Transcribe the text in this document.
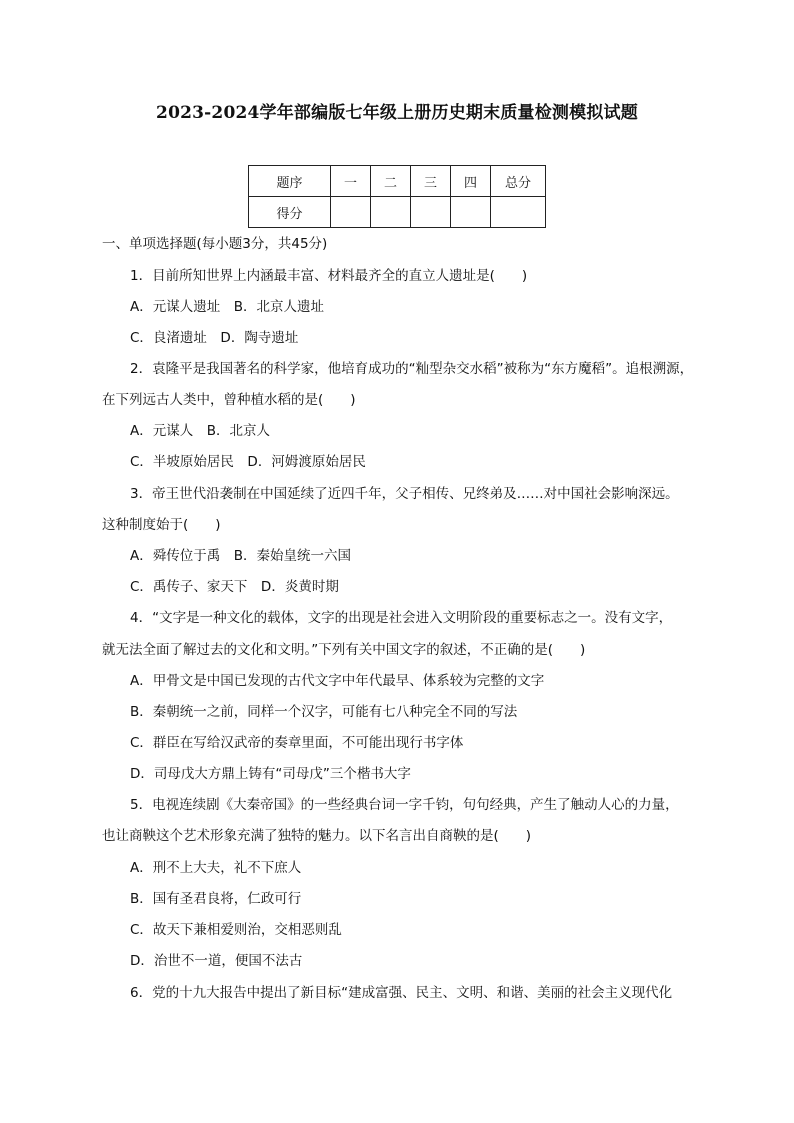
2023-2024学年部编版七年级上册历史期末质量检测模拟试题
题序	一	二	三	四	总分
得分					
一、单项选择题(每小题3分，共45分)
1．目前所知世界上内涵最丰富、材料最齐全的直立人遗址是(　　)
A．元谋人遗址　B．北京人遗址
C．良渚遗址　D．陶寺遗址
2．袁隆平是我国著名的科学家，他培育成功的“籼型杂交水稻”被称为“东方魔稻”。追根溯源，
在下列远古人类中，曾种植水稻的是(　　)
A．元谋人　B．北京人
C．半坡原始居民　D．河姆渡原始居民
3．帝王世代沿袭制在中国延续了近四千年，父子相传、兄终弟及……对中国社会影响深远。
这种制度始于(　　)
A．舜传位于禹　B．秦始皇统一六国
C．禹传子、家天下　D．炎黄时期
4．“文字是一种文化的载体，文字的出现是社会进入文明阶段的重要标志之一。没有文字，
就无法全面了解过去的文化和文明。”下列有关中国文字的叙述，不正确的是(　　)
A．甲骨文是中国已发现的古代文字中年代最早、体系较为完整的文字
B．秦朝统一之前，同样一个汉字，可能有七八种完全不同的写法
C．群臣在写给汉武帝的奏章里面，不可能出现行书字体
D．司母戊大方鼎上铸有“司母戊”三个楷书大字
5．电视连续剧《大秦帝国》的一些经典台词一字千钧，句句经典，产生了触动人心的力量，
也让商鞅这个艺术形象充满了独特的魅力。以下名言出自商鞅的是(　　)
A．刑不上大夫，礼不下庶人
B．国有圣君良将，仁政可行
C．故天下兼相爱则治，交相恶则乱
D．治世不一道，便国不法古
6．党的十九大报告中提出了新目标“建成富强、民主、文明、和谐、美丽的社会主义现代化
